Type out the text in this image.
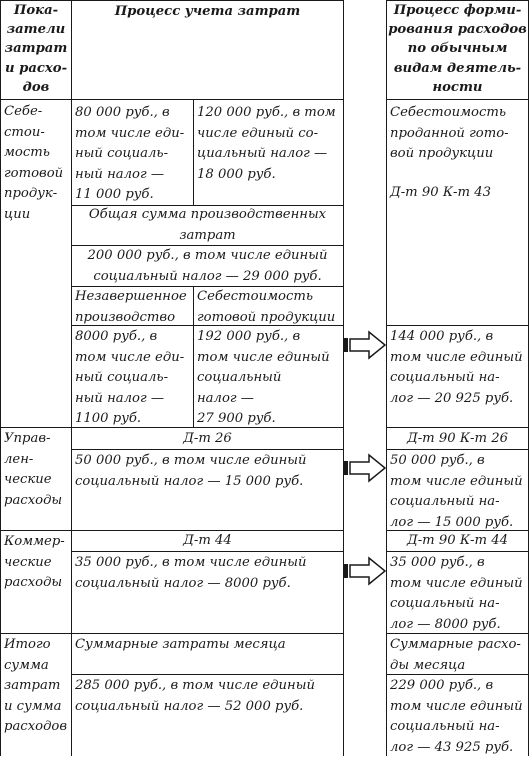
Пока-
затели
затрат
и расхо-
дов
Процесс учета затрат	Процесс форми-
рования расходов
по обычным
видам деятель-
ности
Себе-
стои-
мость
готовой
продук-
ции
80 000 руб., в
том числе еди-
ный социаль-
ный налог —
11 000 руб.
120 000 руб., в том
числе единый со-
циальный налог —
18 000 руб.
Общая сумма производственных
затрат
200 000 руб., в том числе единый
социальный налог — 29 000 руб.
Незавершенное
производство
Себестоимость
готовой продукции
8000 руб., в
том числе еди-
ный социаль-
ный налог —
1100 руб.
192 000 руб., в
том числе единый
социальный
налог —
27 900 руб.
Себестоимость
проданной гото-
вой продукции
Д-т 90 К-т 43
144 000 руб., в
том числе единый
социальный на-
лог — 20 925 руб.
Управ-
лен-
ческие
расходы
Д-т 26
50 000 руб., в том числе единый
социальный налог — 15 000 руб.
Д-т 90 К-т 26
50 000 руб., в
том числе единый
социальный на-
лог — 15 000 руб.
Коммер-
ческие
расходы
Д-т 44
35 000 руб., в том числе единый
социальный налог — 8000 руб.
Д-т 90 К-т 44
35 000 руб., в
том числе единый
социальный на-
лог — 8000 руб.
Итого
сумма
затрат
и сумма
расходов
Суммарные затраты месяца
285 000 руб., в том числе единый
социальный налог — 52 000 руб.
Суммарные расхо-
ды месяца
229 000 руб., в
том числе единый
социальный на-
лог — 43 925 руб.
